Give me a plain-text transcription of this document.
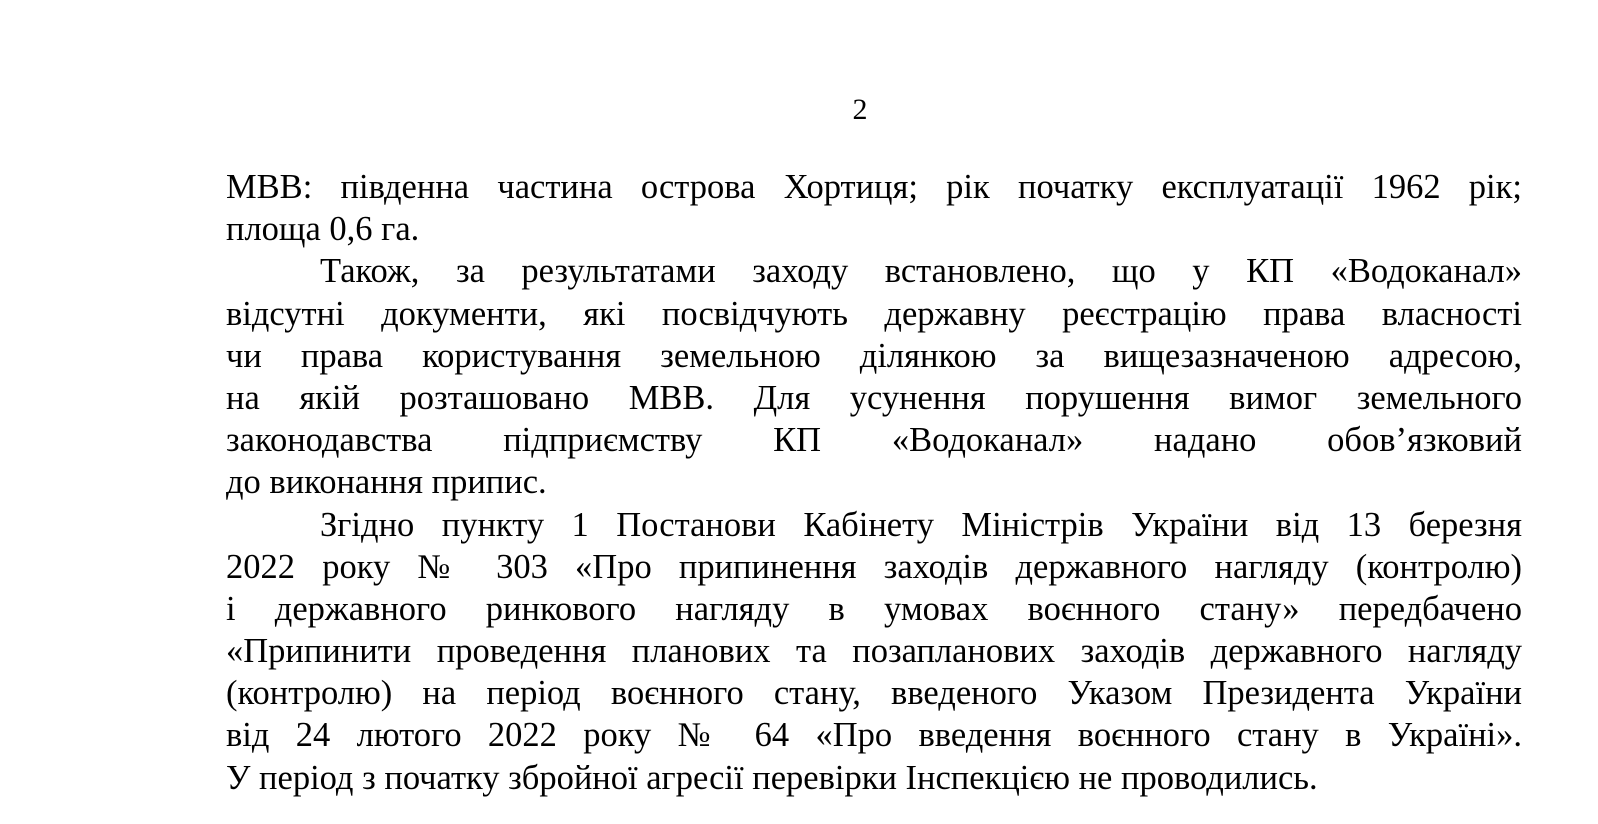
2
МВВ: південна частина острова Хортиця; рік початку експлуатації 1962 рік;
площа 0,6 га.
Також, за результатами заходу встановлено, що у КП «Водоканал»
відсутні документи, які посвідчують державну реєстрацію права власності
чи права користування земельною ділянкою за вищезазначеною адресою,
на якій розташовано МВВ. Для усунення порушення вимог земельного
законодавства підприємству КП «Водоканал» надано обов’язковий
до виконання припис.
Згідно пункту 1 Постанови Кабінету Міністрів України від 13 березня
2022 року № 303 «Про припинення заходів державного нагляду (контролю)
і державного ринкового нагляду в умовах воєнного стану» передбачено
«Припинити проведення планових та позапланових заходів державного нагляду
(контролю) на період воєнного стану, введеного Указом Президента України
від 24 лютого 2022 року № 64 «Про введення воєнного стану в Україні».
У період з початку збройної агресії перевірки Інспекцією не проводились.
